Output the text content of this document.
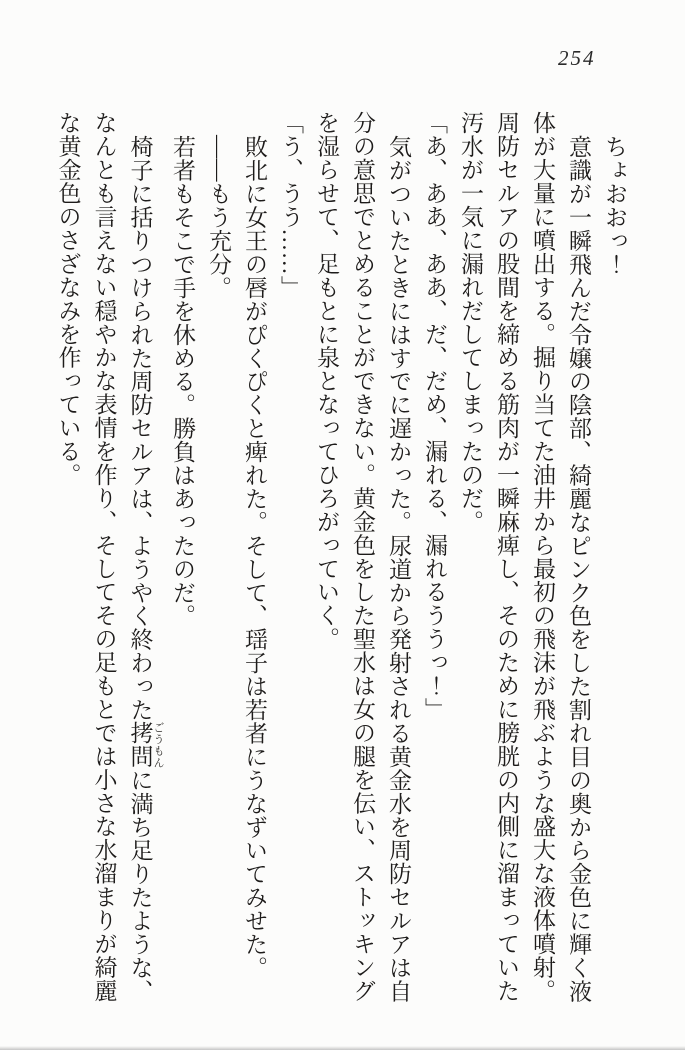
254
ちょおおっ！
意識が一瞬飛んだ令嬢の陰部、綺麗なピンク色をした割れ目の奥から金色に輝く液
体が大量に噴出する。掘り当てた油井から最初の飛沫が飛ぶような盛大な液体噴射。
周防セルアの股間を締める筋肉が一瞬麻痺し、そのために膀胱の内側に溜まっていた
汚水が一気に漏れだしてしまったのだ。
「あ、ああ、ああ、だ、だめ、漏れる、漏れるううっ！」
気がついたときにはすでに遅かった。尿道から発射される黄金水を周防セルアは自
分の意思でとめることができない。黄金色をした聖水は女の腿を伝い、ストッキング
を湿らせて、足もとに泉となってひろがっていく。
「う、うう……」
敗北に女王の唇がぴくぴくと痺れた。そして、瑶子は若者にうなずいてみせた。
――もう充分。
若者もそこで手を休める。勝負はあったのだ。
椅子に括りつけられた周防セルアは、ようやく終わった拷問 ごうもんに満ち足りたような、
なんとも言えない穏やかな表情を作り、そしてその足もとでは小さな水溜まりが綺麗
な黄金色のさざなみを作っている。
